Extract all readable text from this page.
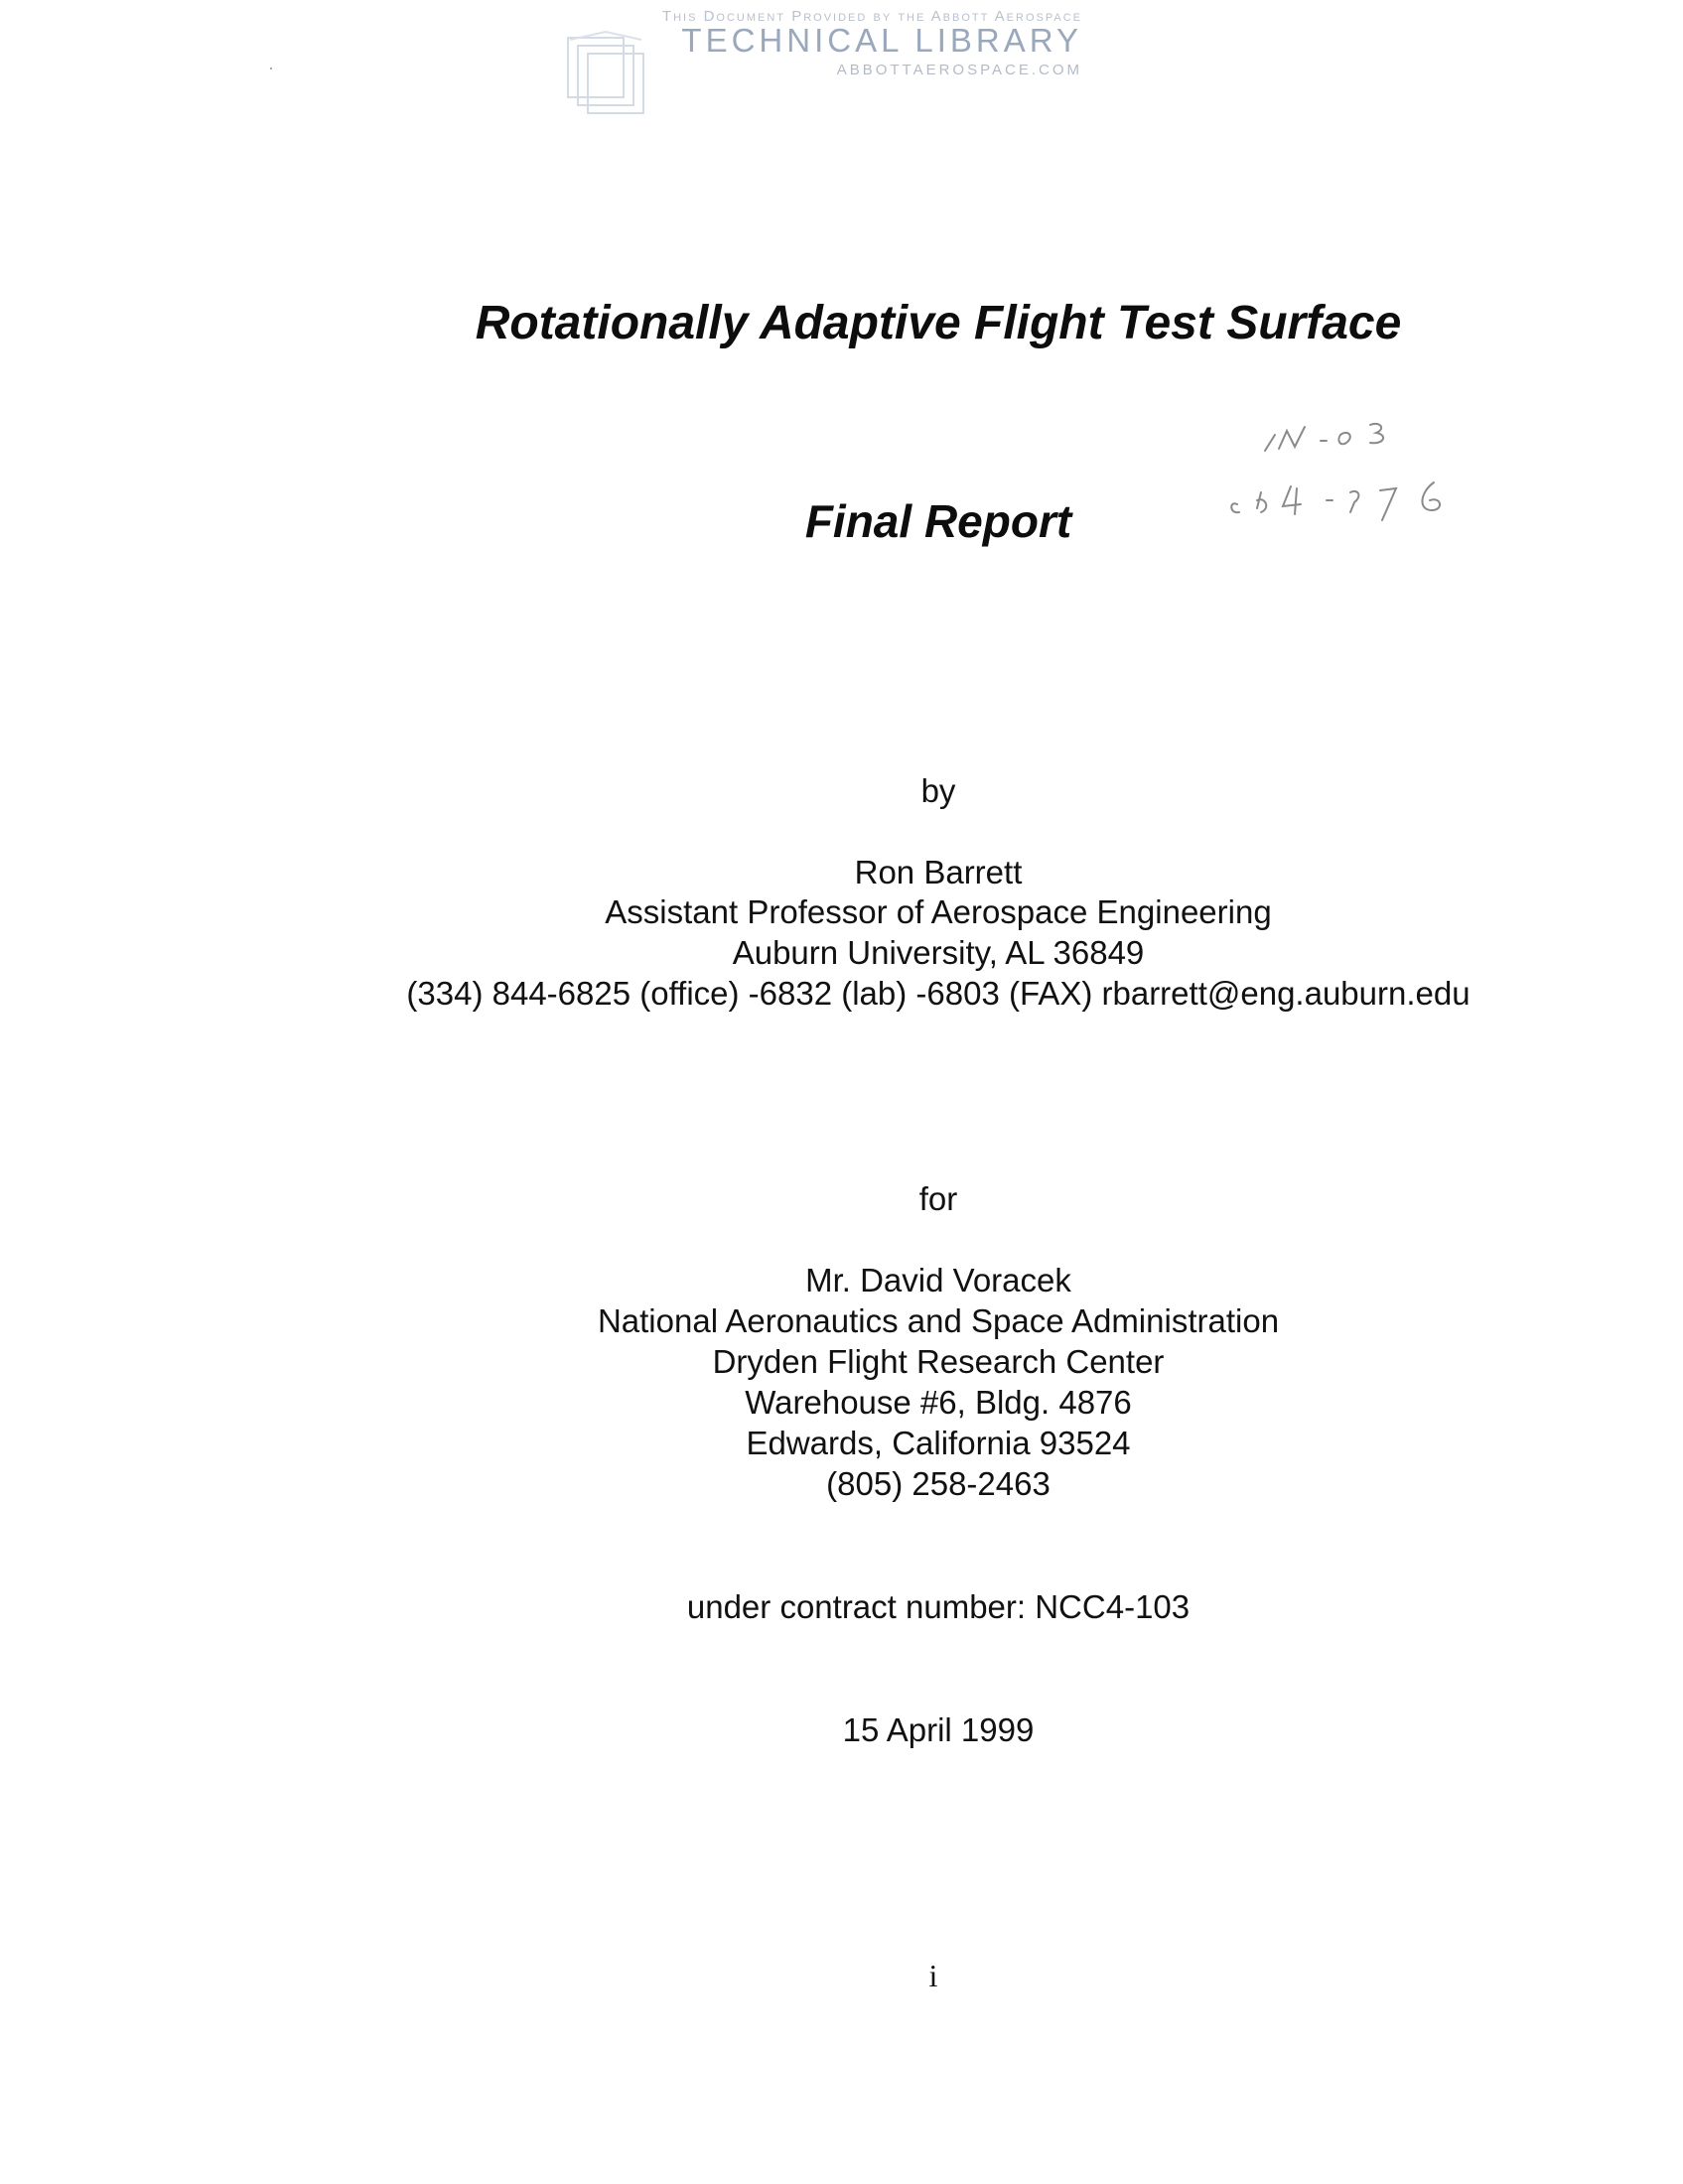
This Document Provided by the Abbott Aerospace
TECHNICAL LIBRARY
ABBOTTAEROSPACE.COM
Rotationally Adaptive Flight Test Surface
Final Report
by
Ron Barrett
Assistant Professor of Aerospace Engineering
Auburn University, AL 36849
(334) 844-6825 (office) -6832 (lab) -6803 (FAX) rbarrett@eng.auburn.edu
for
Mr. David Voracek
National Aeronautics and Space Administration
Dryden Flight Research Center
Warehouse #6, Bldg. 4876
Edwards, California 93524
(805) 258-2463
under contract number: NCC4-103
15 April 1999
i
